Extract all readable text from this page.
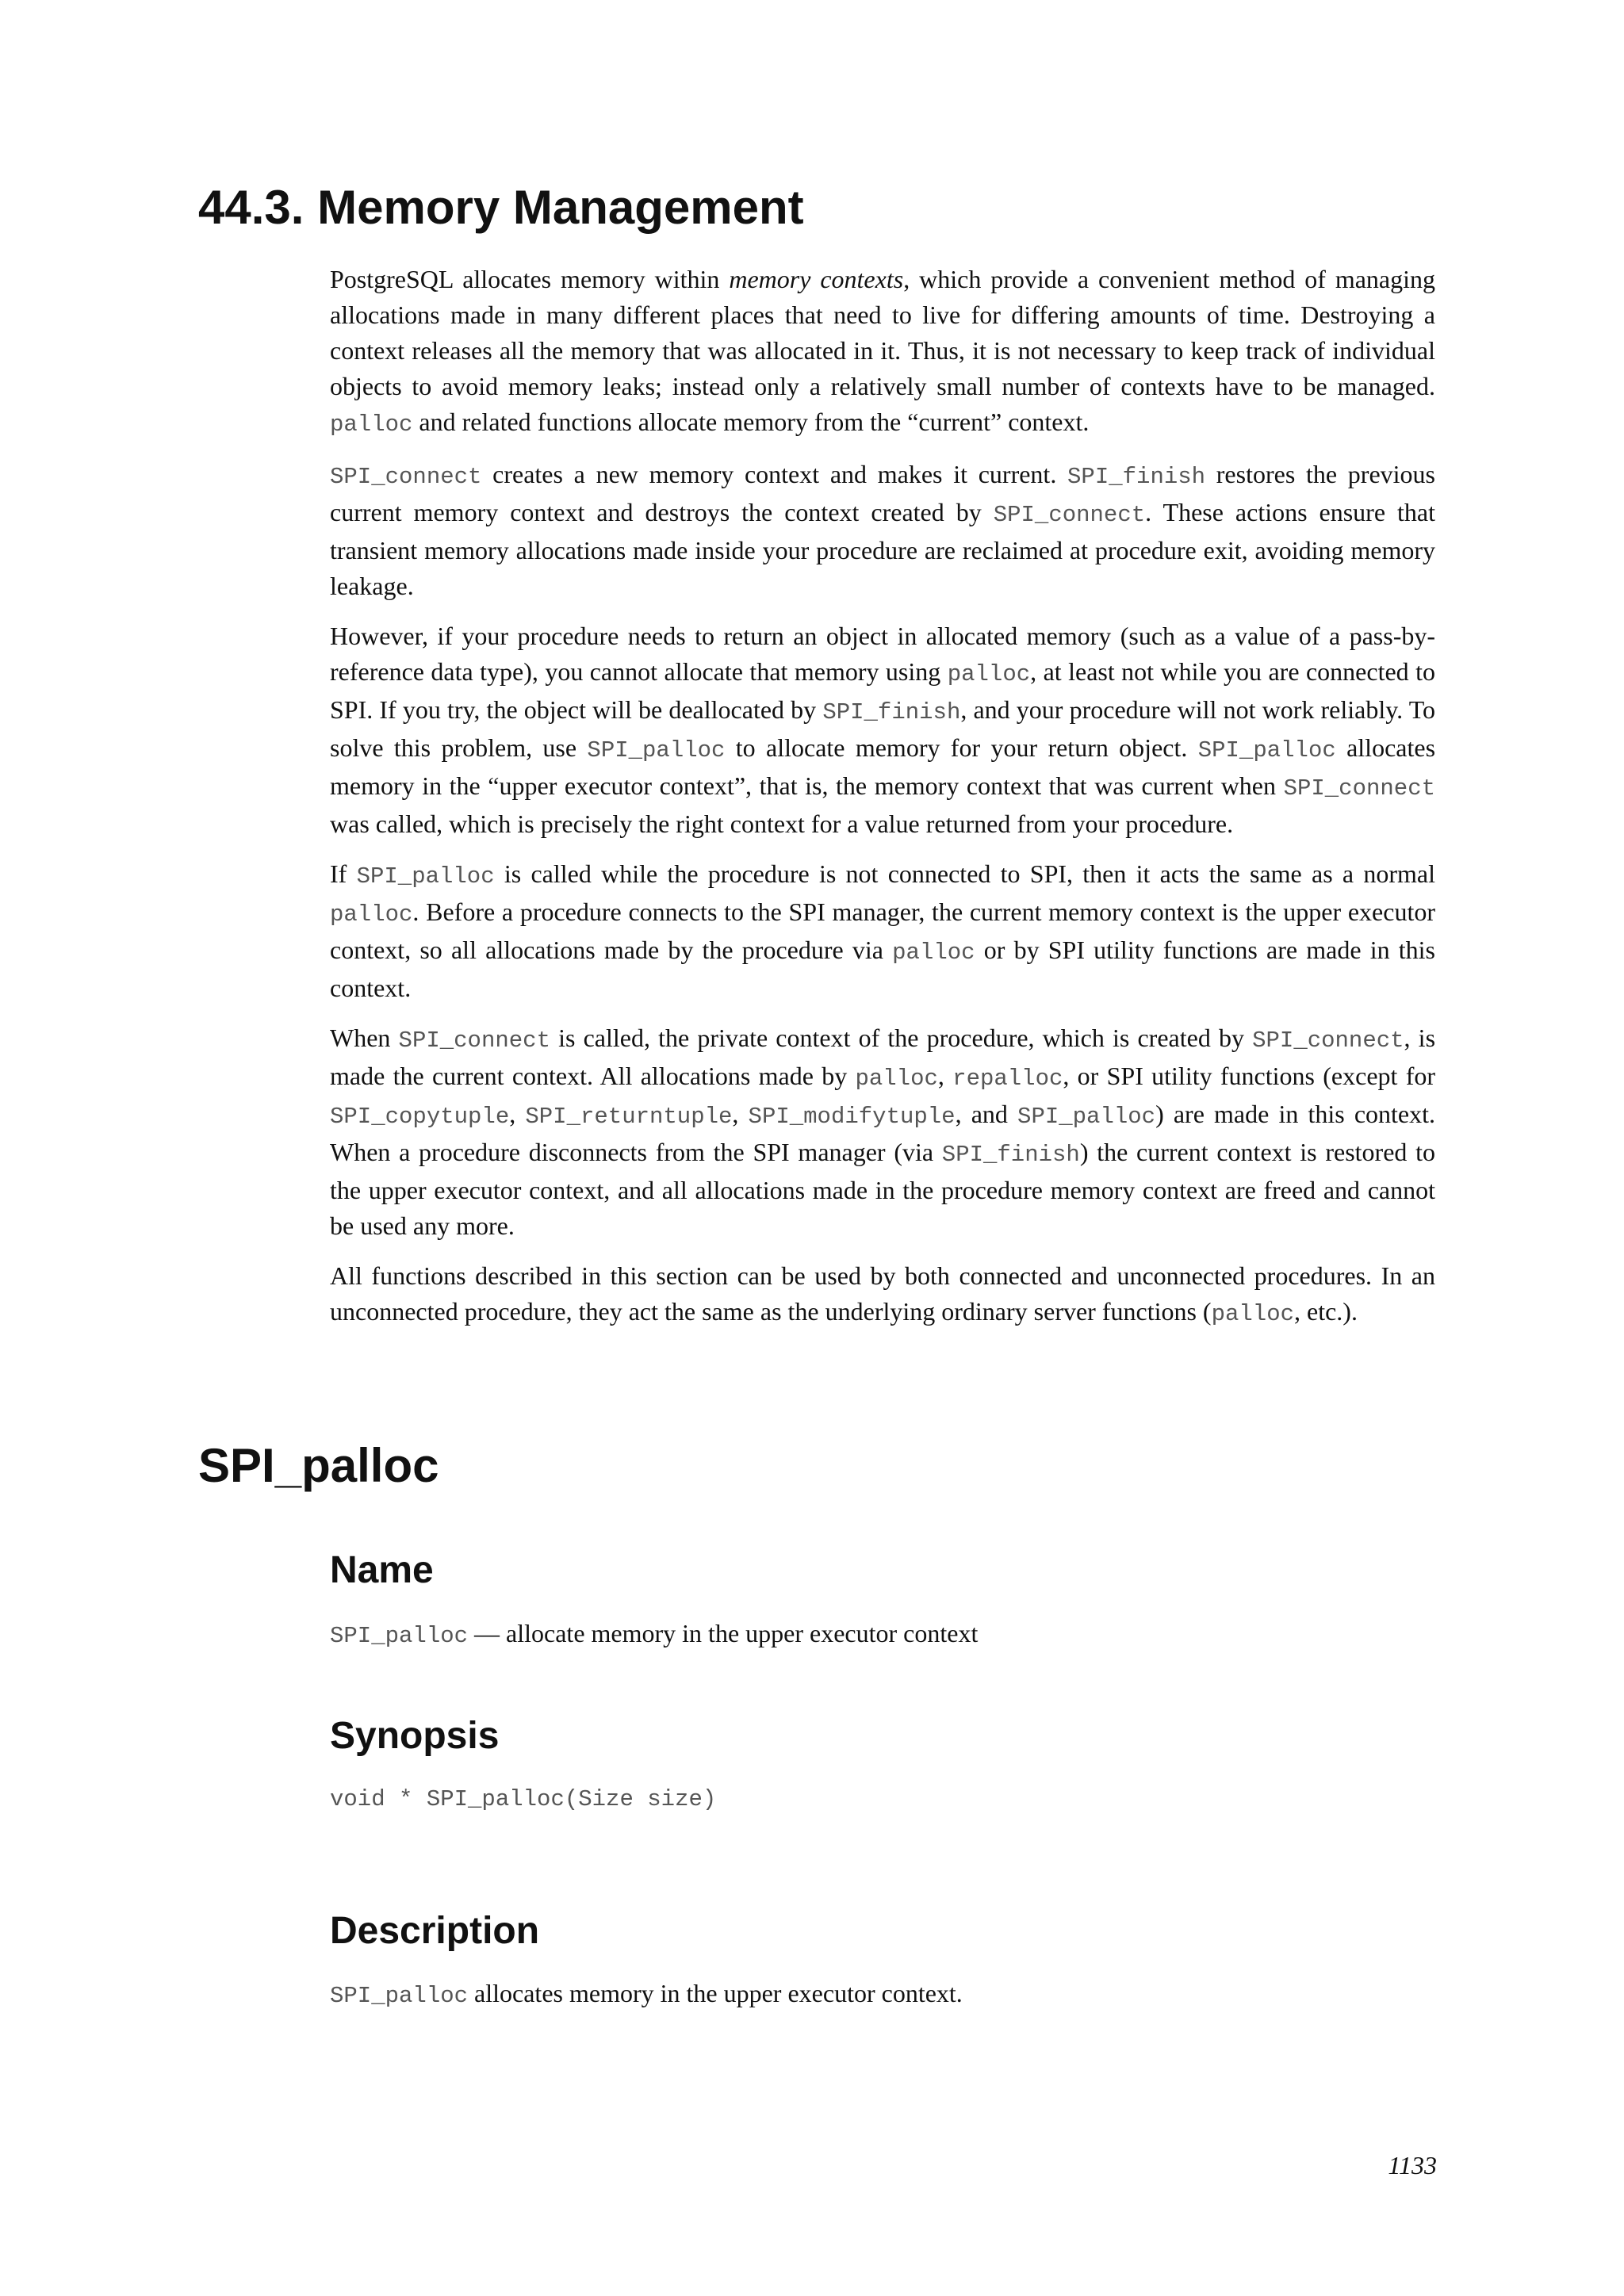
44.3. Memory Management

PostgreSQL allocates memory within memory contexts, which provide a convenient method of managing allocations made in many different places that need to live for differing amounts of time. Destroying a context releases all the memory that was allocated in it. Thus, it is not necessary to keep track of individual objects to avoid memory leaks; instead only a relatively small number of contexts have to be managed. palloc and related functions allocate memory from the “current” context.

SPI_connect creates a new memory context and makes it current. SPI_finish restores the previous current memory context and destroys the context created by SPI_connect. These actions ensure that transient memory allocations made inside your procedure are reclaimed at procedure exit, avoiding memory leakage.

However, if your procedure needs to return an object in allocated memory (such as a value of a pass-by-reference data type), you cannot allocate that memory using palloc, at least not while you are connected to SPI. If you try, the object will be deallocated by SPI_finish, and your procedure will not work reliably. To solve this problem, use SPI_palloc to allocate memory for your return object. SPI_palloc allocates memory in the “upper executor context”, that is, the memory context that was current when SPI_connect was called, which is precisely the right context for a value returned from your procedure.

If SPI_palloc is called while the procedure is not connected to SPI, then it acts the same as a normal palloc. Before a procedure connects to the SPI manager, the current memory context is the upper executor context, so all allocations made by the procedure via palloc or by SPI utility functions are made in this context.

When SPI_connect is called, the private context of the procedure, which is created by SPI_connect, is made the current context. All allocations made by palloc, repalloc, or SPI utility functions (except for SPI_copytuple, SPI_returntuple, SPI_modifytuple, and SPI_palloc) are made in this context. When a procedure disconnects from the SPI manager (via SPI_finish) the current context is restored to the upper executor context, and all allocations made in the procedure memory context are freed and cannot be used any more.

All functions described in this section can be used by both connected and unconnected procedures. In an unconnected procedure, they act the same as the underlying ordinary server functions (palloc, etc.).

SPI_palloc
Name
SPI_palloc — allocate memory in the upper executor context
Synopsis
void * SPI_palloc(Size size)
Description
SPI_palloc allocates memory in the upper executor context.
1133
